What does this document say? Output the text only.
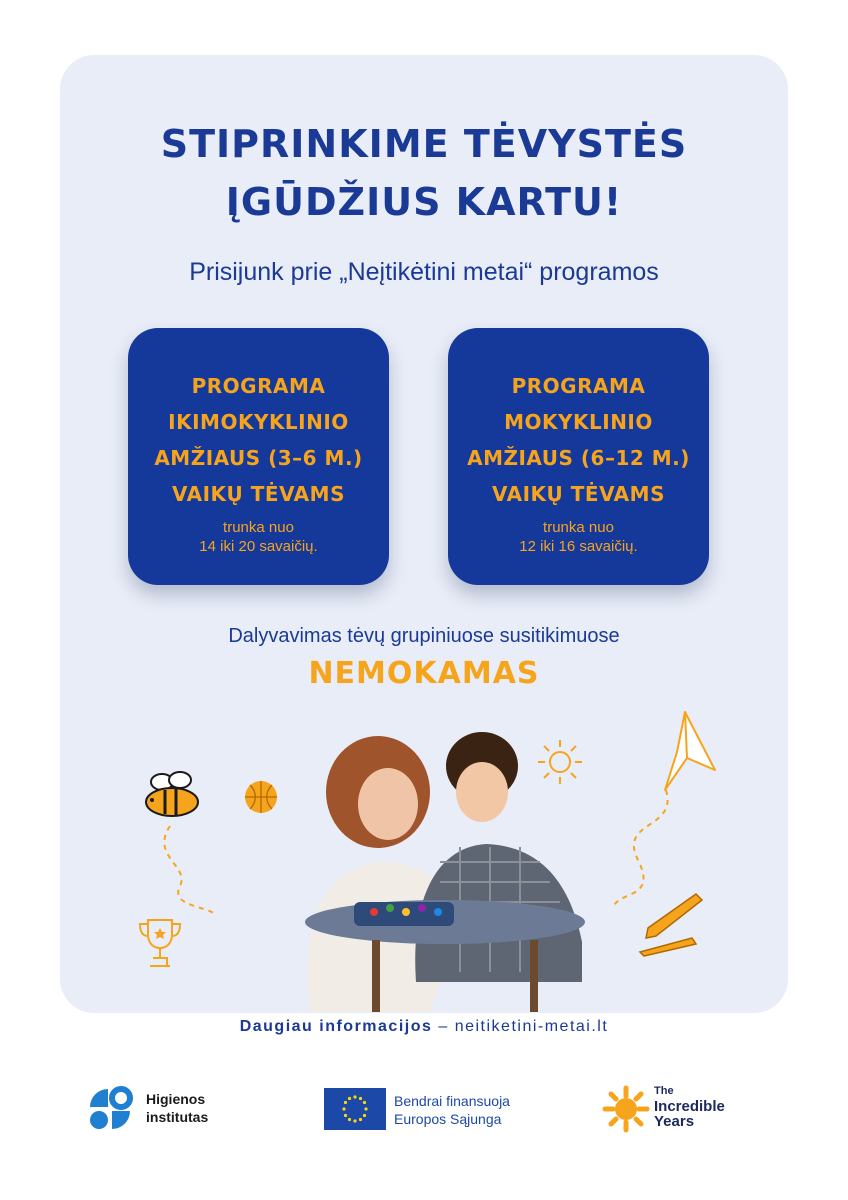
STIPRINKIME TĖVYSTĖS
ĮGŪDŽIUS KARTU!
Prisijunk prie „Neįtikėtini metai“ programos
PROGRAMA
IKIMOKYKLINIO
AMŽIAUS (3–6 M.)
VAIKŲ TĖVAMS
trunka nuo
14 iki 20 savaičių.
PROGRAMA
MOKYKLINIO
AMŽIAUS (6–12 M.)
VAIKŲ TĖVAMS
trunka nuo
12 iki 16 savaičių.
Dalyvavimas tėvų grupiniuose susitikimuose
NEMOKAMAS
Daugiau informacijos – neitiketini-metai.lt
Higienos
institutas
Bendrai finansuoja
Europos Sąjunga
The
Incredible
Years
